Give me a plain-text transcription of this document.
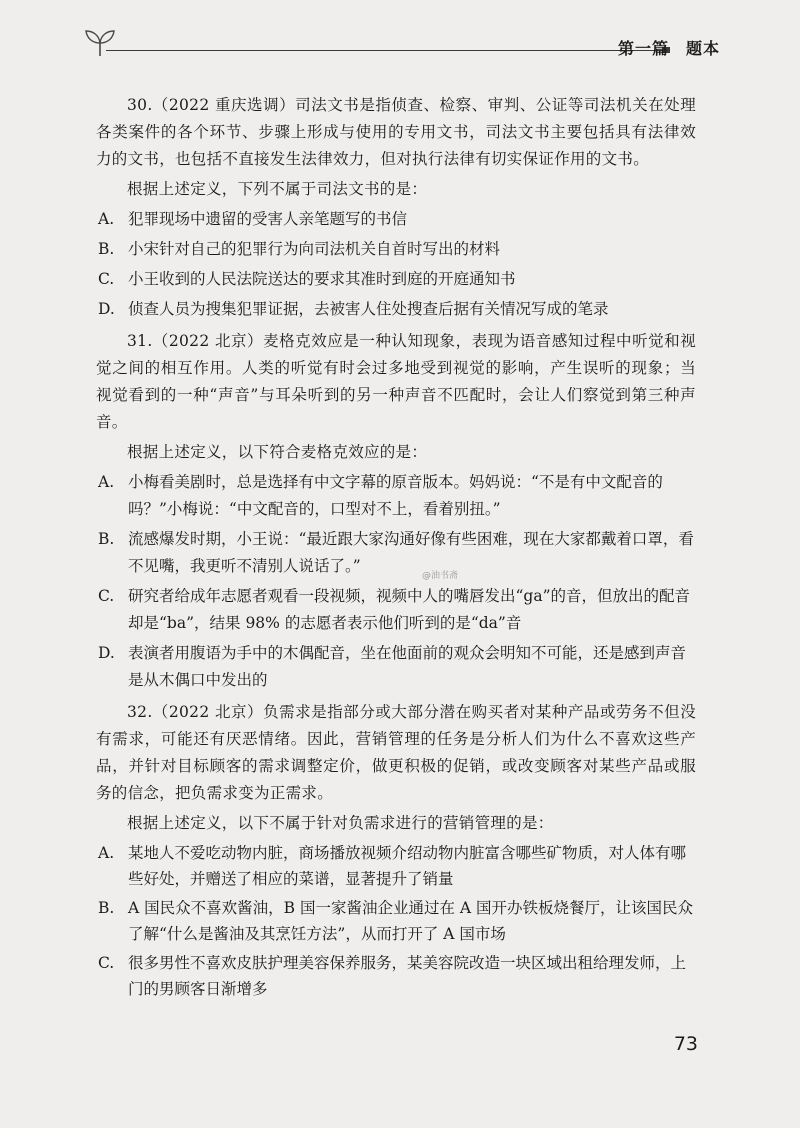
第一篇　题本

30.（2022 重庆选调）司法文书是指侦查、检察、审判、公证等司法机关在处理各类案件的各个环节、步骤上形成与使用的专用文书，司法文书主要包括具有法律效力的文书，也包括不直接发生法律效力，但对执行法律有切实保证作用的文书。

根据上述定义，下列不属于司法文书的是：

A. 犯罪现场中遗留的受害人亲笔题写的书信
B. 小宋针对自己的犯罪行为向司法机关自首时写出的材料
C. 小王收到的人民法院送达的要求其准时到庭的开庭通知书
D. 侦查人员为搜集犯罪证据，去被害人住处搜查后据有关情况写成的笔录

31.（2022 北京）麦格克效应是一种认知现象，表现为语音感知过程中听觉和视觉之间的相互作用。人类的听觉有时会过多地受到视觉的影响，产生误听的现象；当视觉看到的一种“声音”与耳朵听到的另一种声音不匹配时，会让人们察觉到第三种声音。

根据上述定义，以下符合麦格克效应的是：

A. 小梅看美剧时，总是选择有中文字幕的原音版本。妈妈说：“不是有中文配音的吗？”小梅说：“中文配音的，口型对不上，看着别扭。”
B. 流感爆发时期，小王说：“最近跟大家沟通好像有些困难，现在大家都戴着口罩，看不见嘴，我更听不清别人说话了。”
C. 研究者给成年志愿者观看一段视频，视频中人的嘴唇发出“ga”的音，但放出的配音却是“ba”，结果 98% 的志愿者表示他们听到的是“da”音
D. 表演者用腹语为手中的木偶配音，坐在他面前的观众会明知不可能，还是感到声音是从木偶口中发出的

32.（2022 北京）负需求是指部分或大部分潜在购买者对某种产品或劳务不但没有需求，可能还有厌恶情绪。因此，营销管理的任务是分析人们为什么不喜欢这些产品，并针对目标顾客的需求调整定价，做更积极的促销，或改变顾客对某些产品或服务的信念，把负需求变为正需求。

根据上述定义，以下不属于针对负需求进行的营销管理的是：

A. 某地人不爱吃动物内脏，商场播放视频介绍动物内脏富含哪些矿物质，对人体有哪些好处，并赠送了相应的菜谱，显著提升了销量
B. A 国民众不喜欢酱油，B 国一家酱油企业通过在 A 国开办铁板烧餐厅，让该国民众了解“什么是酱油及其烹饪方法”，从而打开了 A 国市场
C. 很多男性不喜欢皮肤护理美容保养服务，某美容院改造一块区域出租给理发师，上门的男顾客日渐增多
@油书斋
73
